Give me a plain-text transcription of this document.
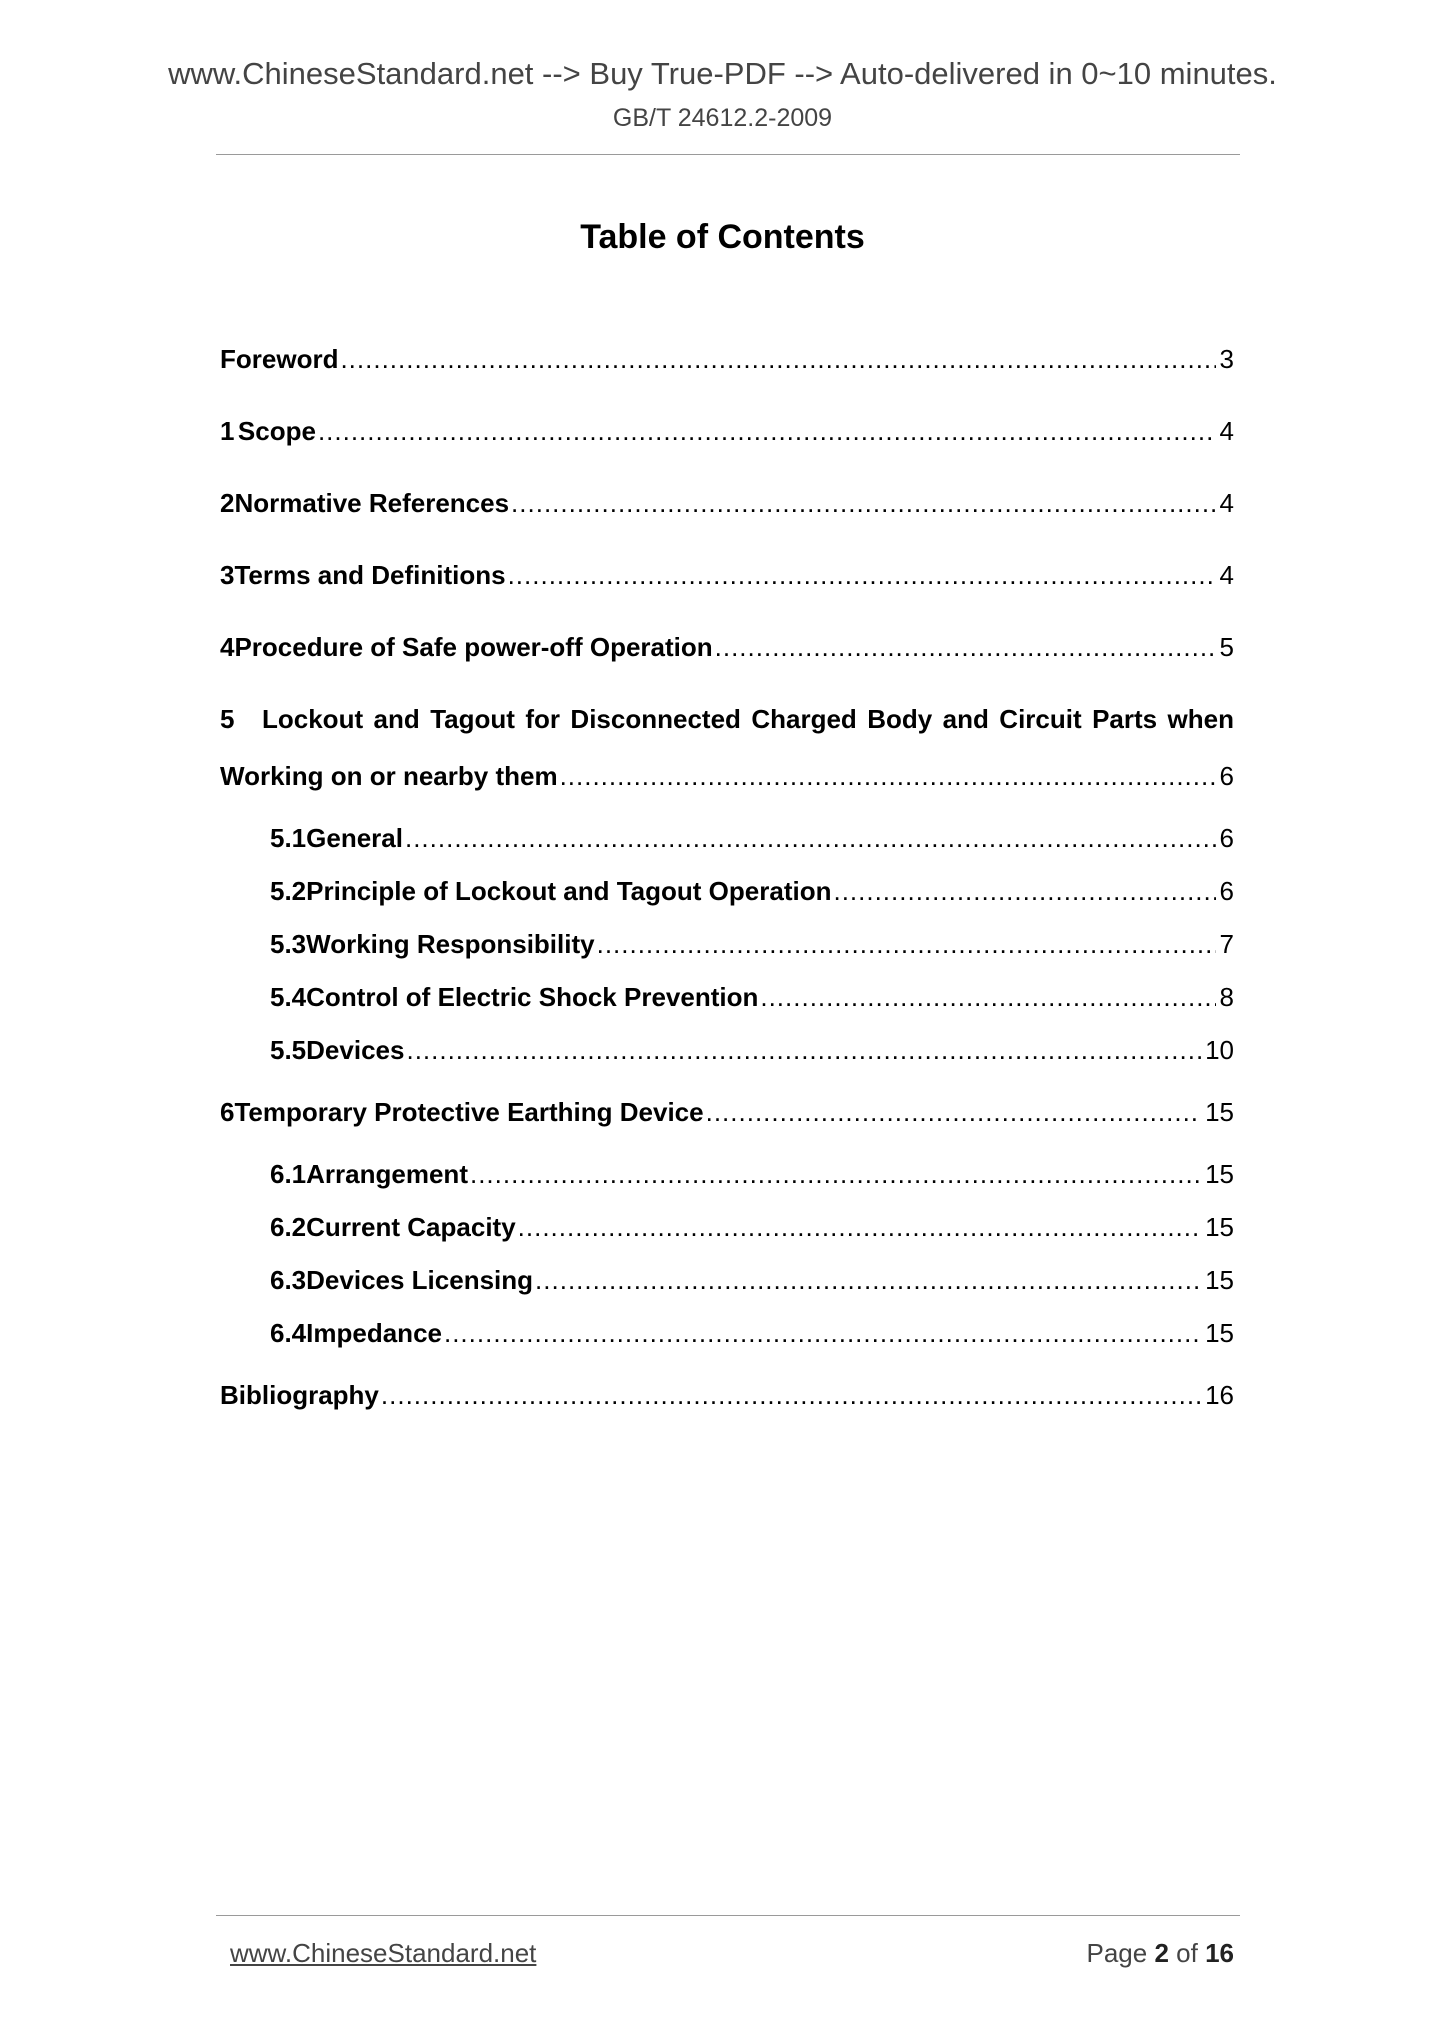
www.ChineseStandard.net --> Buy True-PDF --> Auto-delivered in 0~10 minutes.
GB/T 24612.2-2009
Table of Contents
Foreword .....	3
1 Scope .....	4
2 Normative References .....	4
3 Terms and Definitions .....	4
4 Procedure of Safe power-off Operation .....	5
5	Lockout and Tagout for Disconnected Charged Body and Circuit Parts when
Working on or nearby them .....	6
5.1 General .....	6
5.2 Principle of Lockout and Tagout Operation .....	6
5.3 Working Responsibility .....	7
5.4 Control of Electric Shock Prevention .....	8
5.5 Devices .....	10
6 Temporary Protective Earthing Device .....	15
6.1 Arrangement .....	15
6.2 Current Capacity .....	15
6.3 Devices Licensing .....	15
6.4 Impedance .....	15
Bibliography .....	16
www.ChineseStandard.net	Page 2 of 16
